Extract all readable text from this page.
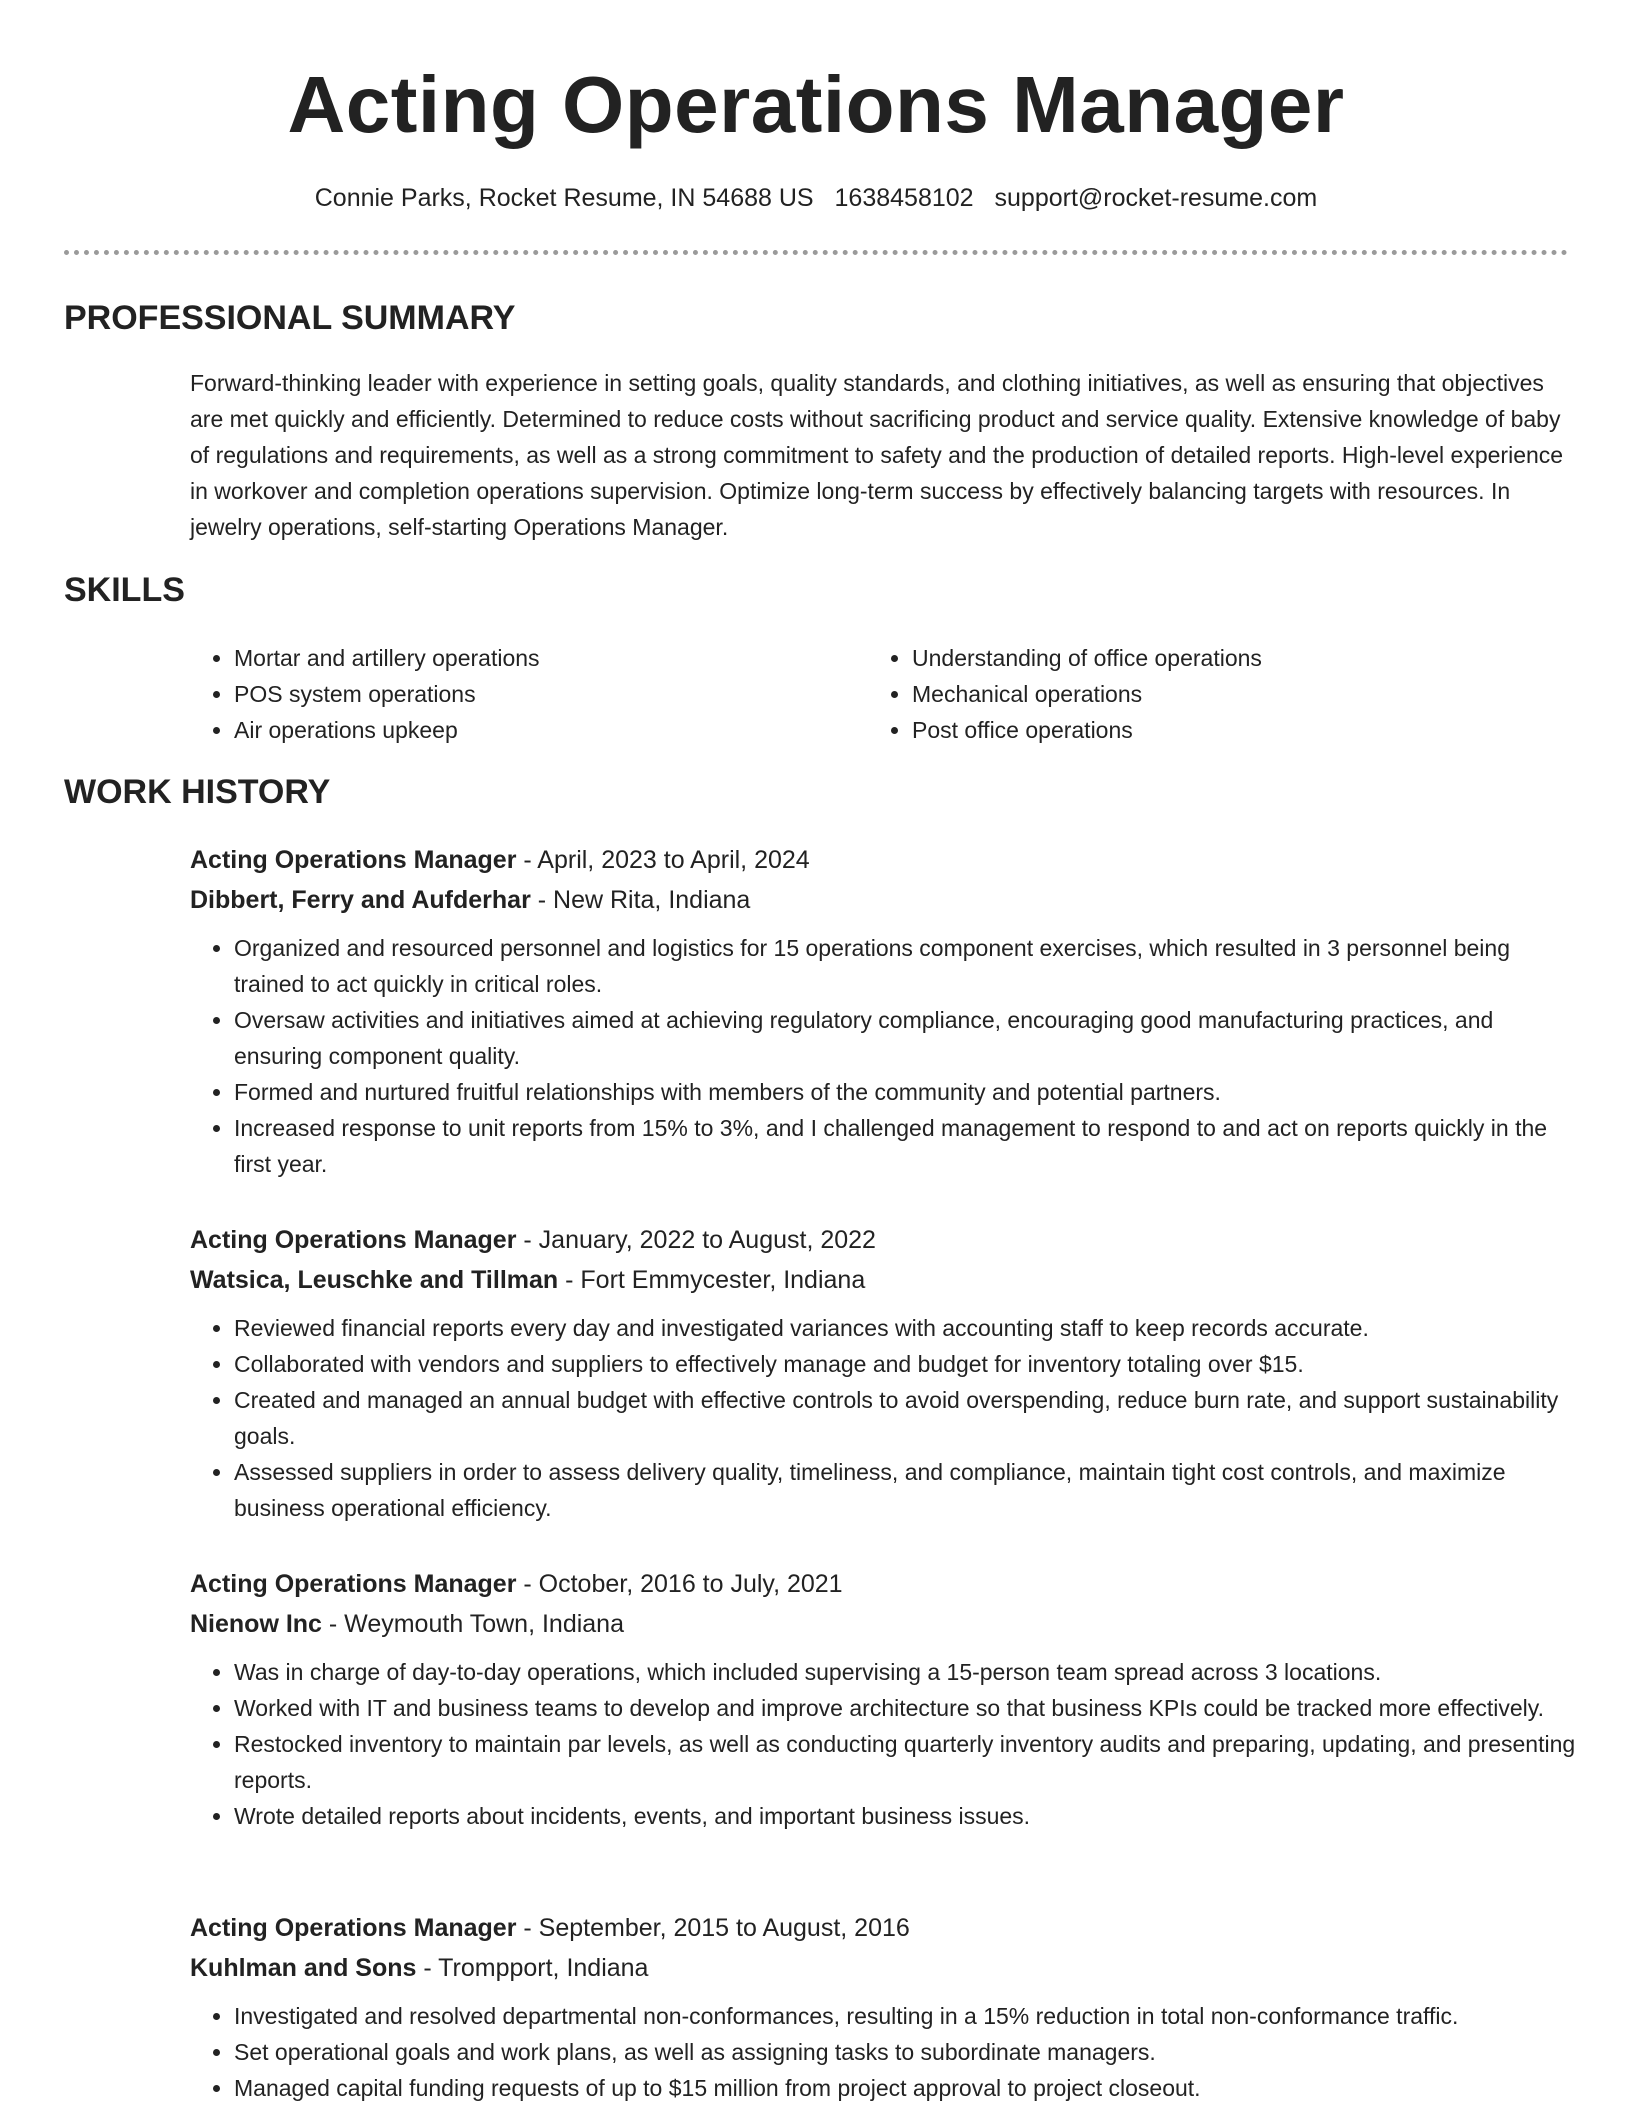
Acting Operations Manager
Connie Parks, Rocket Resume, IN 54688 US 1638458102 support@rocket-resume.com
PROFESSIONAL SUMMARY
Forward-thinking leader with experience in setting goals, quality standards, and clothing initiatives, as well as ensuring that objectives are met quickly and efficiently. Determined to reduce costs without sacrificing product and service quality. Extensive knowledge of baby of regulations and requirements, as well as a strong commitment to safety and the production of detailed reports. High-level experience in workover and completion operations supervision. Optimize long-term success by effectively balancing targets with resources. In jewelry operations, self-starting Operations Manager.
SKILLS
• Mortar and artillery operations
• POS system operations
• Air operations upkeep
• Understanding of office operations
• Mechanical operations
• Post office operations
WORK HISTORY
Acting Operations Manager - April, 2023 to April, 2024
Dibbert, Ferry and Aufderhar - New Rita, Indiana
• Organized and resourced personnel and logistics for 15 operations component exercises, which resulted in 3 personnel being trained to act quickly in critical roles.
• Oversaw activities and initiatives aimed at achieving regulatory compliance, encouraging good manufacturing practices, and ensuring component quality.
• Formed and nurtured fruitful relationships with members of the community and potential partners.
• Increased response to unit reports from 15% to 3%, and I challenged management to respond to and act on reports quickly in the first year.
Acting Operations Manager - January, 2022 to August, 2022
Watsica, Leuschke and Tillman - Fort Emmycester, Indiana
• Reviewed financial reports every day and investigated variances with accounting staff to keep records accurate.
• Collaborated with vendors and suppliers to effectively manage and budget for inventory totaling over $15.
• Created and managed an annual budget with effective controls to avoid overspending, reduce burn rate, and support sustainability goals.
• Assessed suppliers in order to assess delivery quality, timeliness, and compliance, maintain tight cost controls, and maximize business operational efficiency.
Acting Operations Manager - October, 2016 to July, 2021
Nienow Inc - Weymouth Town, Indiana
• Was in charge of day-to-day operations, which included supervising a 15-person team spread across 3 locations.
• Worked with IT and business teams to develop and improve architecture so that business KPIs could be tracked more effectively.
• Restocked inventory to maintain par levels, as well as conducting quarterly inventory audits and preparing, updating, and presenting reports.
• Wrote detailed reports about incidents, events, and important business issues.
Acting Operations Manager - September, 2015 to August, 2016
Kuhlman and Sons - Trompport, Indiana
• Investigated and resolved departmental non-conformances, resulting in a 15% reduction in total non-conformance traffic.
• Set operational goals and work plans, as well as assigning tasks to subordinate managers.
• Managed capital funding requests of up to $15 million from project approval to project closeout.
